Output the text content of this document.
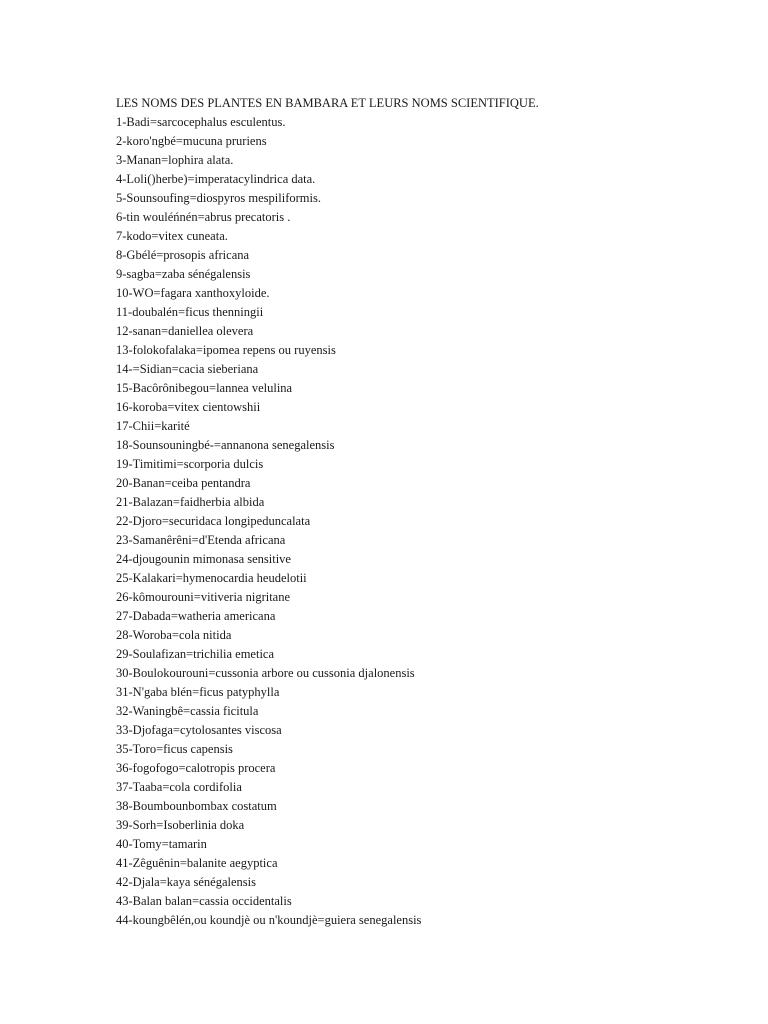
LES NOMS DES PLANTES EN BAMBARA ET LEURS NOMS SCIENTIFIQUE.
1-Badi=sarcocephalus esculentus.
2-koro'ngbé=mucuna pruriens
3-Manan=lophira alata.
4-Loli()herbe)=imperatacylindrica data.
5-Sounsoufing=diospyros mespiliformis.
6-tin wouléńnén=abrus precatoris .
7-kodo=vitex cuneata.
8-Gbélé=prosopis africana
9-sagba=zaba sénégalensis
10-WO=fagara xanthoxyloide.
11-doubalén=ficus thenningii
12-sanan=daniellea olevera
13-folokofalaka=ipomea repens ou ruyensis
14-=Sidian=cacia sieberiana
15-Bacôrônibegou=lannea velulina
16-koroba=vitex cientowshii
17-Chii=karité
18-Sounsouningbé-=annanona senegalensis
19-Timitimi=scorporia dulcis
20-Banan=ceiba pentandra
21-Balazan=faidherbia albida
22-Djoro=securidaca longipeduncalata
23-Samanêrêni=d'Etenda africana
24-djougounin mimonasa sensitive
25-Kalakari=hymenocardia heudelotii
26-kômourouni=vitiveria nigritane
27-Dabada=watheria americana
28-Woroba=cola nitida
29-Soulafizan=trichilia emetica
30-Boulokourouni=cussonia arbore ou cussonia djalonensis
31-N'gaba blén=ficus patyphylla
32-Waningbê=cassia ficitula
33-Djofaga=cytolosantes viscosa
35-Toro=ficus capensis
36-fogofogo=calotropis procera
37-Taaba=cola cordifolia
38-Boumbounbombax costatum
39-Sorh=Isoberlinia doka
40-Tomy=tamarin
41-Zêguênin=balanite aegyptica
42-Djala=kaya sénégalensis
43-Balan balan=cassia occidentalis
44-koungbêlén,ou koundjè ou n'koundjè=guiera senegalensis
